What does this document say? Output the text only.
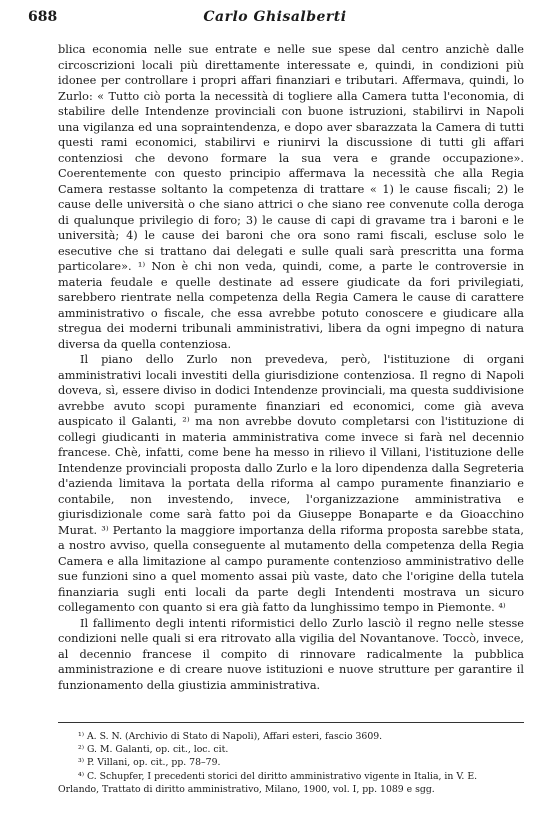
688	Carlo Ghisalberti

blica economia nelle sue entrate e nelle sue spese dal centro anzichè dalle circoscrizioni locali più direttamente interessate e, quindi, in condizioni più idonee per controllare i propri affari finanziari e tributari. Affermava, quindi, lo Zurlo: « Tutto ciò porta la necessità di togliere alla Camera tutta l'economia, di stabilire delle Intendenze provinciali con buone istruzioni, stabilirvi in Napoli una vigilanza ed una sopraintendenza, e dopo aver sbarazzata la Camera di tutti questi rami economici, stabilirvi e riunirvi la discussione di tutti gli affari contenziosi che devono formare la sua vera e grande occupazione». Coerentemente con questo principio affermava la necessità che alla Regia Camera restasse soltanto la competenza di trattare « 1) le cause fiscali; 2) le cause delle università o che siano attrici o che siano ree convenute colla deroga di qualunque privilegio di foro; 3) le cause di capi di gravame tra i baroni e le università; 4) le cause dei baroni che ora sono rami fiscali, escluse solo le esecutive che si trattano dai delegati e sulle quali sarà prescritta una forma particolare». ¹⁾ Non è chi non veda, quindi, come, a parte le controversie in materia feudale e quelle destinate ad essere giudicate da fori privilegiati, sarebbero rientrate nella competenza della Regia Camera le cause di carattere amministrativo o fiscale, che essa avrebbe potuto conoscere e giudicare alla stregua dei moderni tribunali amministrativi, libera da ogni impegno di natura diversa da quella contenziosa.

Il piano dello Zurlo non prevedeva, però, l'istituzione di organi amministrativi locali investiti della giurisdizione contenziosa. Il regno di Napoli doveva, sì, essere diviso in dodici Intendenze provinciali, ma questa suddivisione avrebbe avuto scopi puramente finanziari ed economici, come già aveva auspicato il Galanti, ²⁾ ma non avrebbe dovuto completarsi con l'istituzione di collegi giudicanti in materia amministrativa come invece si farà nel decennio francese. Chè, infatti, come bene ha messo in rilievo il Villani, l'istituzione delle Intendenze provinciali proposta dallo Zurlo e la loro dipendenza dalla Segreteria d'azienda limitava la portata della riforma al campo puramente finanziario e contabile, non investendo, invece, l'organizzazione amministrativa e giurisdizionale come sarà fatto poi da Giuseppe Bonaparte e da Gioacchino Murat. ³⁾ Pertanto la maggiore importanza della riforma proposta sarebbe stata, a nostro avviso, quella conseguente al mutamento della competenza della Regia Camera e alla limitazione al campo puramente contenzioso amministrativo delle sue funzioni sino a quel momento assai più vaste, dato che l'origine della tutela finanziaria sugli enti locali da parte degli Intendenti mostrava un sicuro collegamento con quanto si era già fatto da lunghissimo tempo in Piemonte. ⁴⁾

Il fallimento degli intenti riformistici dello Zurlo lasciò il regno nelle stesse condizioni nelle quali si era ritrovato alla vigilia del Novantanove. Toccò, invece, al decennio francese il compito di rinnovare radicalmente la pubblica amministrazione e di creare nuove istituzioni e nuove strutture per garantire il funzionamento della giustizia amministrativa.

¹⁾ A. S. N. (Archivio di Stato di Napoli), Affari esteri, fascio 3609.

²⁾ G. M. Galanti, op. cit., loc. cit.

³⁾ P. Villani, op. cit., pp. 78–79.

⁴⁾ C. Schupfer, I precedenti storici del diritto amministrativo vigente in Italia, in V. E.

Orlando, Trattato di diritto amministrativo, Milano, 1900, vol. I, pp. 1089 e sgg.
